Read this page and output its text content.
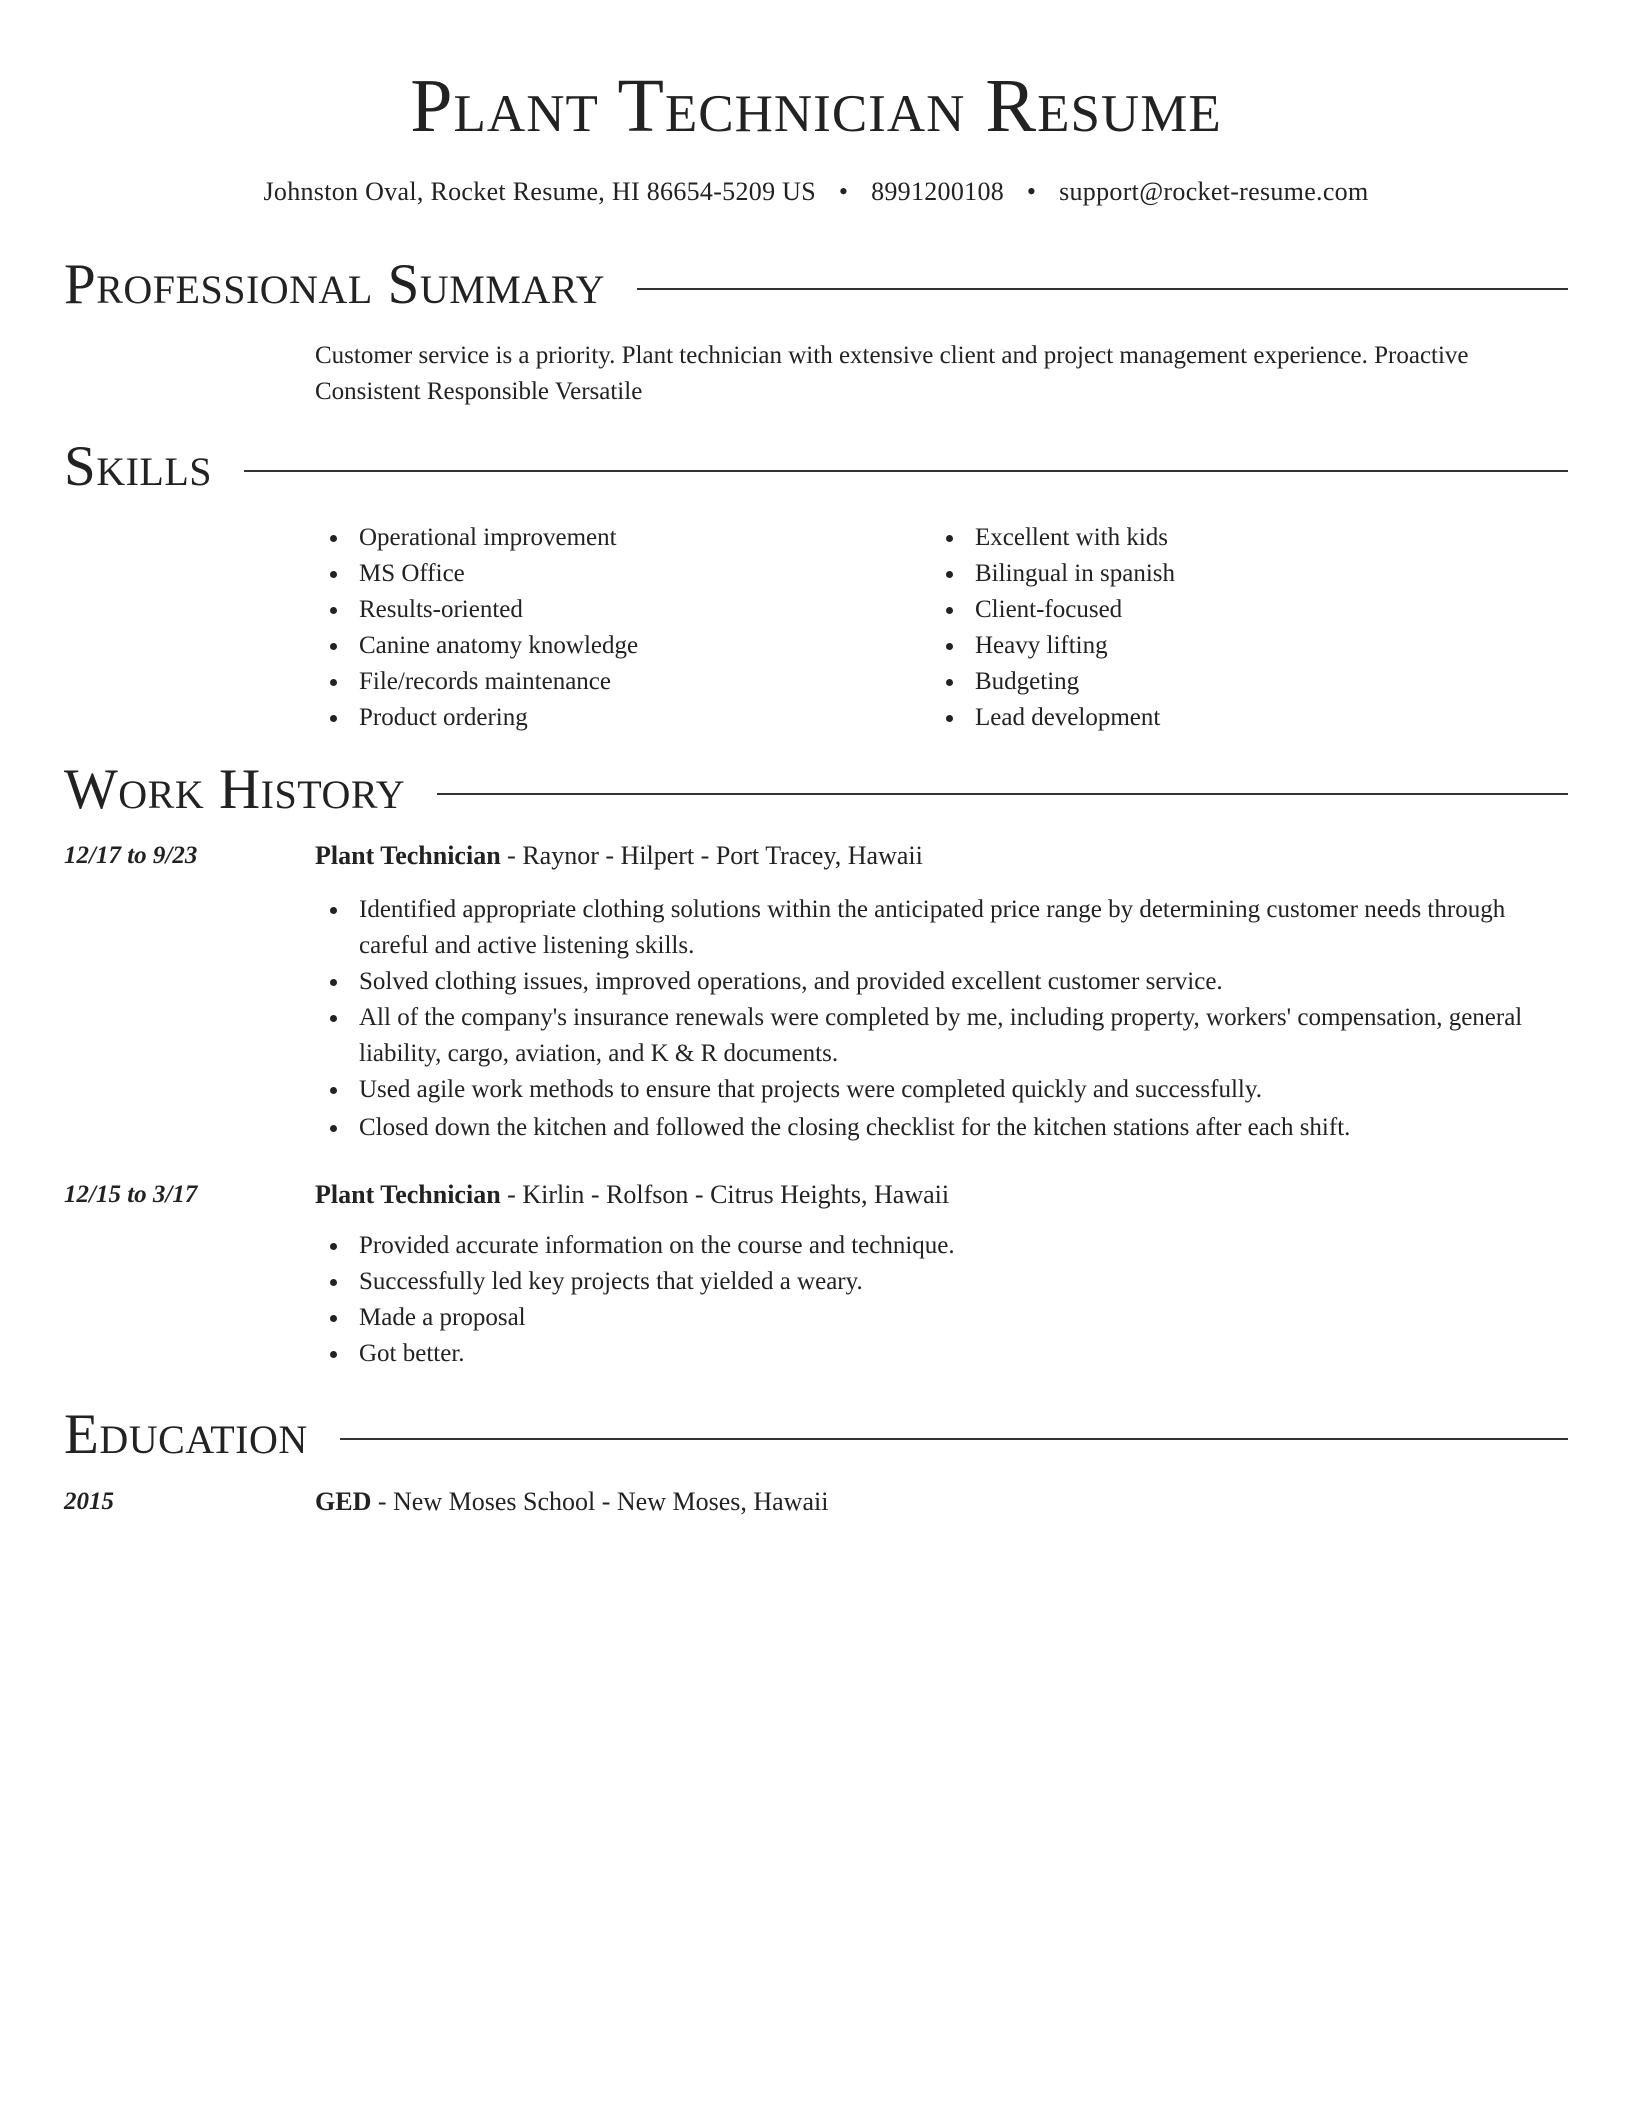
Plant Technician Resume
Johnston Oval, Rocket Resume, HI 86654-5209 US • 8991200108 • support@rocket-resume.com
Professional Summary
Customer service is a priority. Plant technician with extensive client and project management experience. Proactive Consistent Responsible Versatile
Skills
Operational improvement
MS Office
Results-oriented
Canine anatomy knowledge
File/records maintenance
Product ordering
Excellent with kids
Bilingual in spanish
Client-focused
Heavy lifting
Budgeting
Lead development
Work History
12/17 to 9/23	Plant Technician - Raynor - Hilpert - Port Tracey, Hawaii
Identified appropriate clothing solutions within the anticipated price range by determining customer needs through careful and active listening skills.
Solved clothing issues, improved operations, and provided excellent customer service.
All of the company's insurance renewals were completed by me, including property, workers' compensation, general liability, cargo, aviation, and K & R documents.
Used agile work methods to ensure that projects were completed quickly and successfully.
Closed down the kitchen and followed the closing checklist for the kitchen stations after each shift.
12/15 to 3/17	Plant Technician - Kirlin - Rolfson - Citrus Heights, Hawaii
Provided accurate information on the course and technique.
Successfully led key projects that yielded a weary.
Made a proposal
Got better.
Education
2015	GED - New Moses School - New Moses, Hawaii
